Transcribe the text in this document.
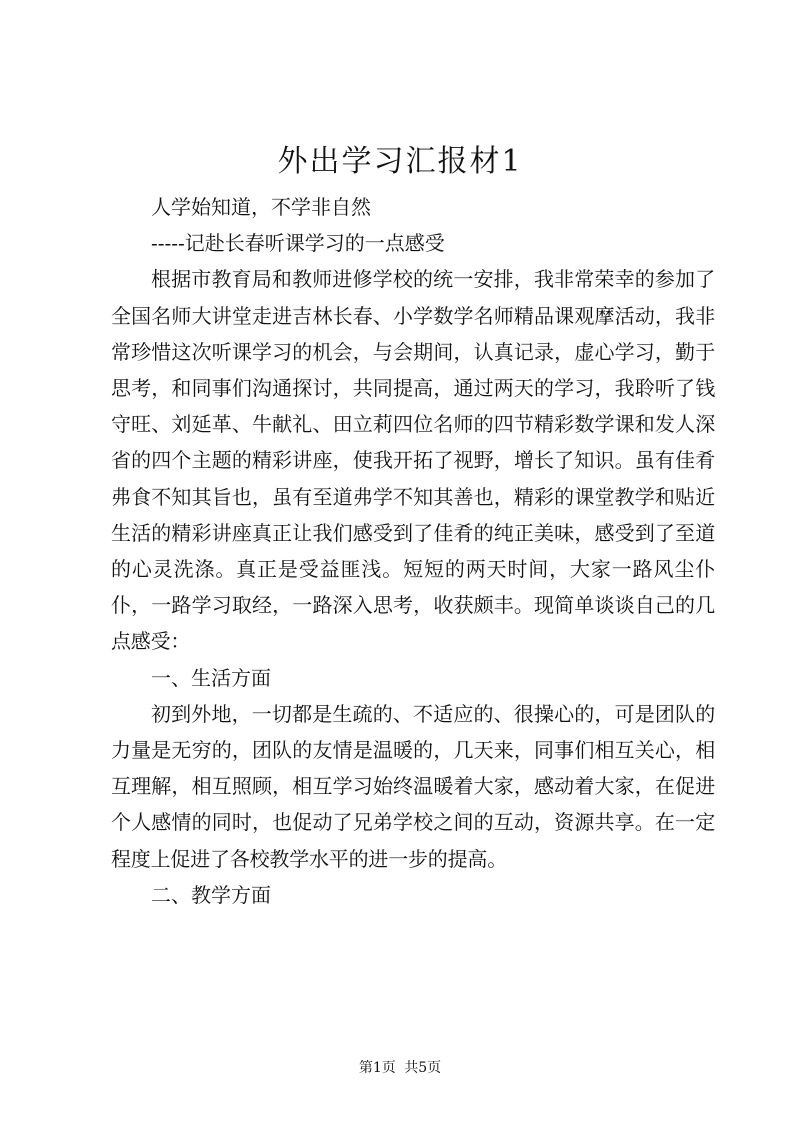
外出学习汇报材1

人学始知道，不学非自然

-----记赴长春听课学习的一点感受

根据市教育局和教师进修学校的统一安排，我非常荣幸的参加了全国名师大讲堂走进吉林长春、小学数学名师精品课观摩活动，我非常珍惜这次听课学习的机会，与会期间，认真记录，虚心学习，勤于思考，和同事们沟通探讨，共同提高，通过两天的学习，我聆听了钱守旺、刘延革、牛献礼、田立莉四位名师的四节精彩数学课和发人深省的四个主题的精彩讲座，使我开拓了视野，增长了知识。虽有佳肴弗食不知其旨也，虽有至道弗学不知其善也，精彩的课堂教学和贴近生活的精彩讲座真正让我们感受到了佳肴的纯正美味，感受到了至道的心灵洗涤。真正是受益匪浅。短短的两天时间，大家一路风尘仆仆，一路学习取经，一路深入思考，收获颇丰。现简单谈谈自己的几点感受：

一、生活方面

初到外地，一切都是生疏的、不适应的、很操心的，可是团队的力量是无穷的，团队的友情是温暖的，几天来，同事们相互关心，相互理解，相互照顾，相互学习始终温暖着大家，感动着大家，在促进个人感情的同时，也促动了兄弟学校之间的互动，资源共享。在一定程度上促进了各校教学水平的进一步的提高。

二、教学方面

第1页 共5页
